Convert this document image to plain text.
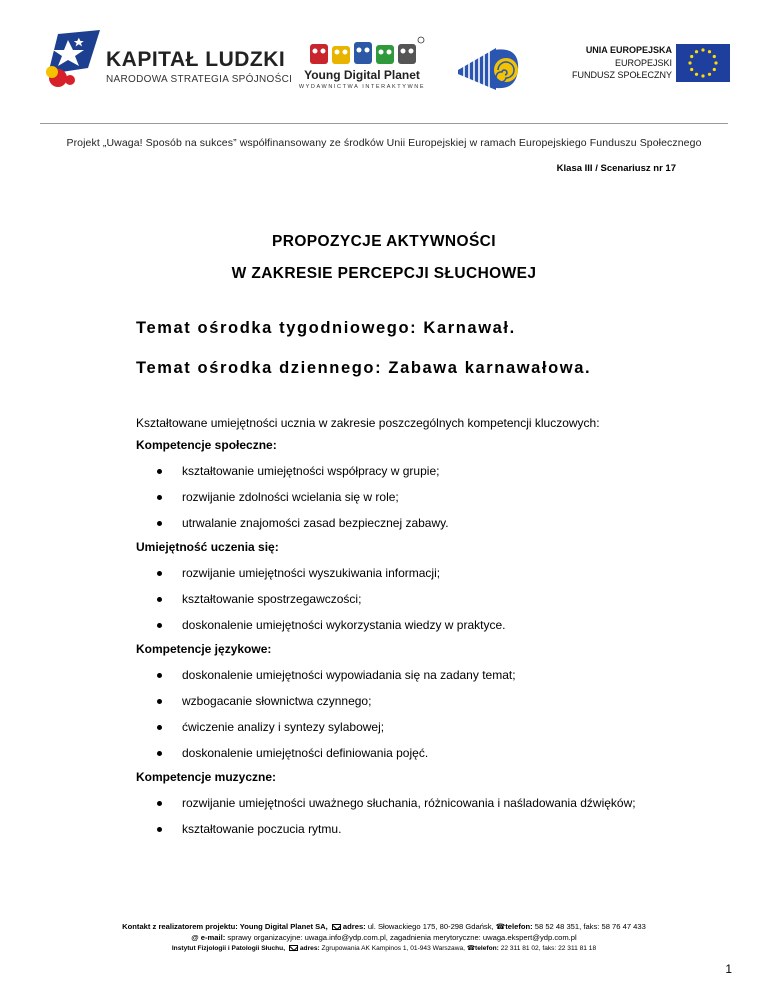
KAPITAŁ LUDZKI
NARODOWA STRATEGIA SPÓJNOŚCI Young Digital Planet
WYDAWNICTWA INTERAKTYWNE
UNIA EUROPEJSKA
EUROPEJSKI
FUNDUSZ SPOŁECZNY
Projekt „Uwaga! Sposób na sukces” współfinansowany ze środków Unii Europejskiej w ramach Europejskiego Funduszu Społecznego
Klasa III / Scenariusz nr 17
PROPOZYCJE AKTYWNOŚCI
W ZAKRESIE PERCEPCJI SŁUCHOWEJ
Temat ośrodka tygodniowego: Karnawał.
Temat ośrodka dziennego: Zabawa karnawałowa.
Kształtowane umiejętności ucznia w zakresie poszczególnych kompetencji kluczowych:

Kompetencje społeczne:

kształtowanie umiejętności współpracy w grupie;
rozwijanie zdolności wcielania się w role;
utrwalanie znajomości zasad bezpiecznej zabawy.

Umiejętność uczenia się:

rozwijanie umiejętności wyszukiwania informacji;
kształtowanie spostrzegawczości;
doskonalenie umiejętności wykorzystania wiedzy w praktyce.

Kompetencje językowe:

doskonalenie umiejętności wypowiadania się na zadany temat;
wzbogacanie słownictwa czynnego;
ćwiczenie analizy i syntezy sylabowej;
doskonalenie umiejętności definiowania pojęć.

Kompetencje muzyczne:

rozwijanie umiejętności uważnego słuchania, różnicowania i naśladowania dźwięków;
kształtowanie poczucia rytmu.
Kontakt z realizatorem projektu: Young Digital Planet SA, adres: ul. Słowackiego 175, 80-298 Gdańsk, ☎telefon: 58 52 48 351, faks: 58 76 47 433
@ e-mail: sprawy organizacyjne: uwaga.info@ydp.com.pl, zagadnienia merytoryczne: uwaga.ekspert@ydp.com.pl
Instytut Fizjologii i Patologii Słuchu, adres: Zgrupowania AK Kampinos 1, 01-943 Warszawa, ☎telefon: 22 311 81 02, faks: 22 311 81 18
1
